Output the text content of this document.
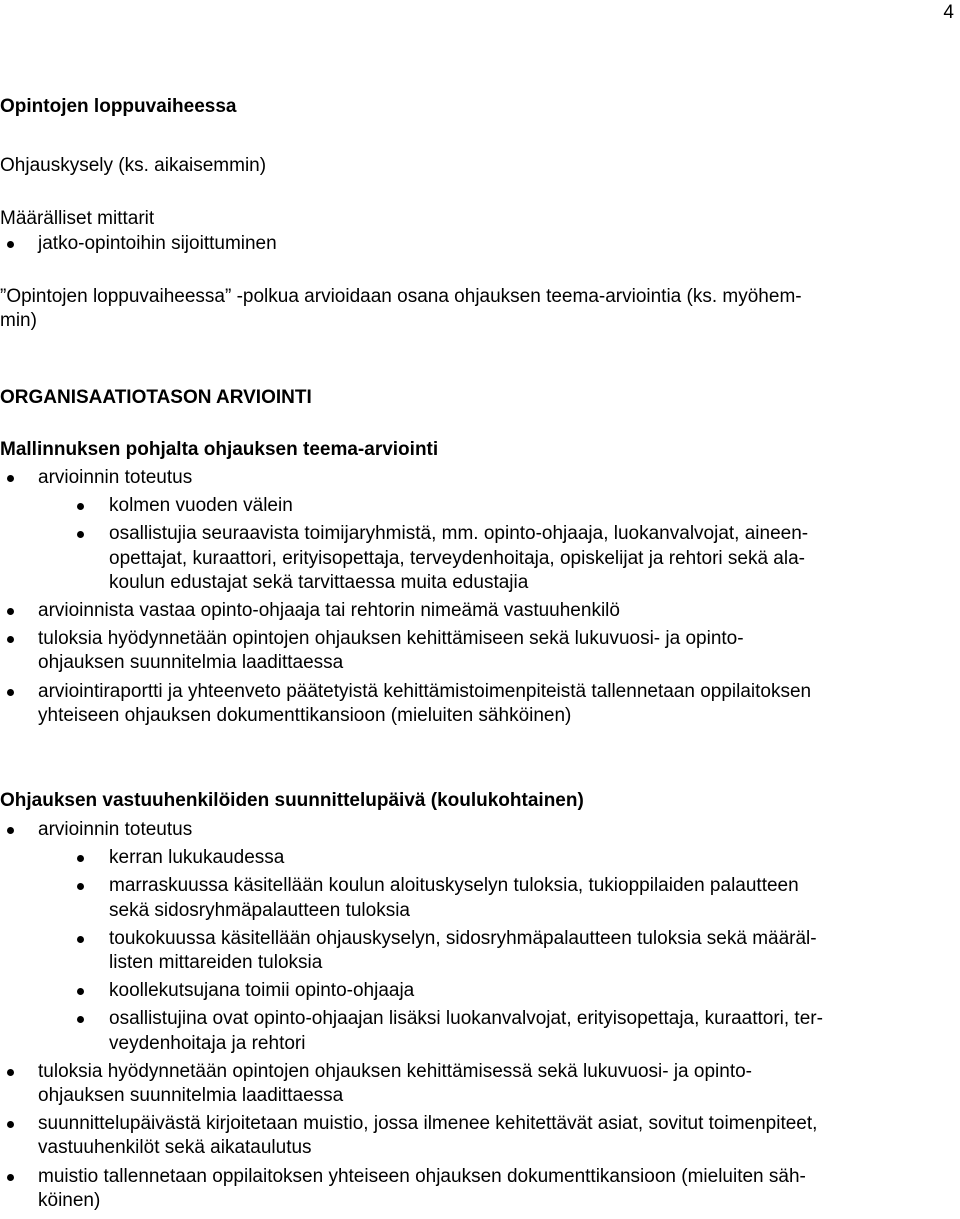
4

Opintojen loppuvaiheessa

Ohjauskysely (ks. aikaisemmin)

Määrälliset mittarit

jatko-opintoihin sijoittuminen
”Opintojen loppuvaiheessa” -polkua arvioidaan osana ohjauksen teema-arviointia (ks. myöhem-
min)

ORGANISAATIOTASON ARVIOINTI

Mallinnuksen pohjalta ohjauksen teema-arviointi

arvioinnin toteutus
kolmen vuoden välein
osallistujia seuraavista toimijaryhmistä, mm. opinto-ohjaaja, luokanvalvojat, aineen-
opettajat, kuraattori, erityisopettaja, terveydenhoitaja, opiskelijat ja rehtori sekä ala-
koulun edustajat sekä tarvittaessa muita edustajia
arvioinnista vastaa opinto-ohjaaja tai rehtorin nimeämä vastuuhenkilö
tuloksia hyödynnetään opintojen ohjauksen kehittämiseen sekä lukuvuosi- ja opinto-
ohjauksen suunnitelmia laadittaessa
arviointiraportti ja yhteenveto päätetyistä kehittämistoimenpiteistä tallennetaan oppilaitoksen
yhteiseen ohjauksen dokumenttikansioon (mieluiten sähköinen)

Ohjauksen vastuuhenkilöiden suunnittelupäivä (koulukohtainen)

arvioinnin toteutus
kerran lukukaudessa
marraskuussa käsitellään koulun aloituskyselyn tuloksia, tukioppilaiden palautteen
sekä sidosryhmäpalautteen tuloksia
toukokuussa käsitellään ohjauskyselyn, sidosryhmäpalautteen tuloksia sekä määräl-
listen mittareiden tuloksia
koollekutsujana toimii opinto-ohjaaja
osallistujina ovat opinto-ohjaajan lisäksi luokanvalvojat, erityisopettaja, kuraattori, ter-
veydenhoitaja ja rehtori
tuloksia hyödynnetään opintojen ohjauksen kehittämisessä sekä lukuvuosi- ja opinto-
ohjauksen suunnitelmia laadittaessa
suunnittelupäivästä kirjoitetaan muistio, jossa ilmenee kehitettävät asiat, sovitut toimenpiteet,
vastuuhenkilöt sekä aikataulutus
muistio tallennetaan oppilaitoksen yhteiseen ohjauksen dokumenttikansioon (mieluiten säh-
köinen)
